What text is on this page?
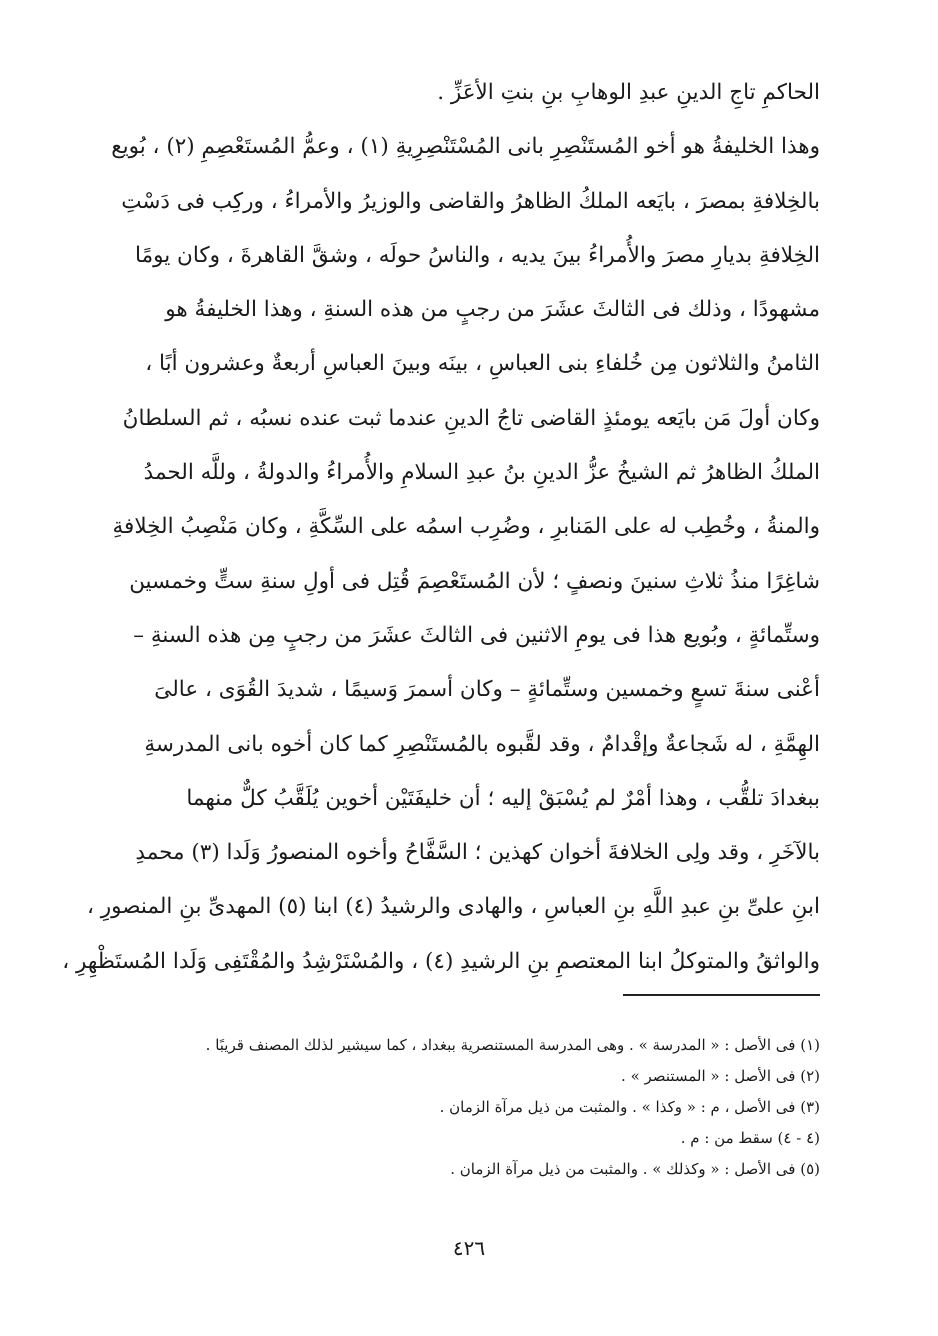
الحاكمِ تاجِ الدينِ عبدِ الوهابِ بنِ بنتِ الأعَزِّ .
وهذا الخليفةُ هو أخو المُستَنْصِرِ بانى المُسْتَنْصِرِيةِ (١) ، وعمُّ المُستَعْصِمِ (٢) ، بُويع
بالخِلافةِ بمصرَ ، بايَعه الملكُ الظاهرُ والقاضى والوزيرُ والأمراءُ ، وركِب فى دَسْتِ
الخِلافةِ بديارِ مصرَ والأُمراءُ بينَ يديه ، والناسُ حولَه ، وشقَّ القاهرةَ ، وكان يومًا
مشهودًا ، وذلك فى الثالثَ عشَرَ من رجبٍ من هذه السنةِ ، وهذا الخليفةُ هو
الثامنُ والثلاثون مِن خُلفاءِ بنى العباسِ ، بينَه وبينَ العباسِ أربعةٌ وعشرون أبًا ،
وكان أولَ مَن بايَعه يومئذٍ القاضى تاجُ الدينِ عندما ثبت عنده نسبُه ، ثم السلطانُ
الملكُ الظاهرُ ثم الشيخُ عزُّ الدينِ بنُ عبدِ السلامِ والأُمراءُ والدولةُ ، وللَّه الحمدُ
والمنةُ ، وخُطِب له على المَنابرِ ، وضُرِب اسمُه على السِّكَّةِ ، وكان مَنْصِبُ الخِلافةِ
شاغِرًا منذُ ثلاثِ سنينَ ونصفٍ ؛ لأن المُستَعْصِمَ قُتِل فى أولِ سنةِ ستٍّ وخمسين
وستِّمائةٍ ، وبُويع هذا فى يومِ الاثنين فى الثالثَ عشَرَ من رجبٍ مِن هذه السنةِ –
أعْنى سنةَ تسعٍ وخمسين وستِّمائةٍ – وكان أسمرَ وَسيمًا ، شديدَ القُوَى ، عالىَ
الهِمَّةِ ، له شَجاعةٌ وإقْدامٌ ، وقد لقَّبوه بالمُستَنْصِرِ كما كان أخوه بانى المدرسةِ
ببغدادَ تلقُّب ، وهذا أمْرٌ لم يُسْبَقْ إليه ؛ أن خليفَتَيْن أخوين يُلَقَّبُ كلٌّ منهما
بالآخَرِ ، وقد ولِى الخلافةَ أخوان كهذين ؛ السَّفَّاحُ وأخوه المنصورُ وَلَدا (٣) محمدِ
ابنِ علىِّ بنِ عبدِ اللَّهِ بنِ العباسِ ، والهادى والرشيدُ (٤) ابنا (٥) المهدىِّ بنِ المنصورِ ،
والواثقُ والمتوكلُ ابنا المعتصمِ بنِ الرشيدِ (٤) ، والمُسْتَرْشِدُ والمُقْتَفِى وَلَدا المُستَظْهِرِ ،
(١) فى الأصل : « المدرسة » . وهى المدرسة المستنصرية ببغداد ، كما سيشير لذلك المصنف قريبًا .
(٢) فى الأصل : « المستنصر » .
(٣) فى الأصل ، م : « وكذا » . والمثبت من ذيل مرآة الزمان .
(٤ - ٤) سقط من : م .
(٥) فى الأصل : « وكذلك » . والمثبت من ذيل مرآة الزمان .
٤٢٦
